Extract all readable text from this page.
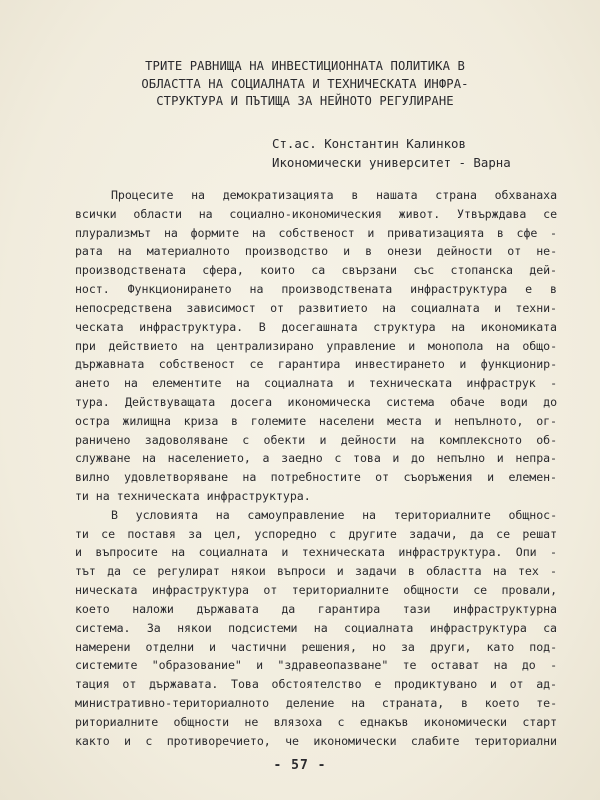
ТРИТЕ РАВНИЩА НА ИНВЕСТИЦИОННАТА ПОЛИТИКА В
ОБЛАСТТА НА СОЦИАЛНАТА И ТЕХНИЧЕСКАТА ИНФРА-
СТРУКТУРА И ПЪТИЩА ЗА НЕЙНОТО РЕГУЛИРАНЕ
Ст.ас. Константин Калинков
Икономически университет - Варна
Процесите на демократизацията в нашата страна обхванаха
всички области на социално-икономическия живот. Утвърждава се
плурализмът на формите на собственост и приватизацията в сфе -
рата на материалното производство и в онези дейности от не-
производствената сфера, които са свързани със стопанска дей-
ност. Функционирането на производствената инфраструктура е в
непосредствена зависимост от развитието на социалната и техни-
ческата инфраструктура. В досегашната структура на икономиката
при действието на централизирано управление и монопола на общо-
държавната собственост се гарантира инвестирането и функционир-
ането на елементите на социалната и техническата инфраструк -
тура. Действуващата досега икономическа система обаче води до
остра жилищна криза в големите населени места и непълното, ог-
раничено задоволяване с обекти и дейности на комплексното об-
служване на населението, а заедно с това и до непълно и непра-
вилно удовлетворяване на потребностите от съоръжения и елемен-
ти на техническата инфраструктура.
В условията на самоуправление на териториалните общнос-
ти се поставя за цел, успоредно с другите задачи, да се решат
и въпросите на социалната и техническата инфраструктура. Опи -
тът да се регулират някои въпроси и задачи в областта на тех -
ническата инфраструктура от териториалните общности се провали,
което наложи държавата да гарантира тази инфраструктурна
система. За някои подсистеми на социалната инфраструктура са
намерени отделни и частични решения, но за други, като под-
системите "образование" и "здравеопазване" те остават на до -
тация от държавата. Това обстоятелство е продиктувано и от ад-
министративно-териториалното деление на страната, в което те-
риториалните общности не влязоха с еднакъв икономически старт
както и с противоречието, че икономически слабите териториални
- 57 -
